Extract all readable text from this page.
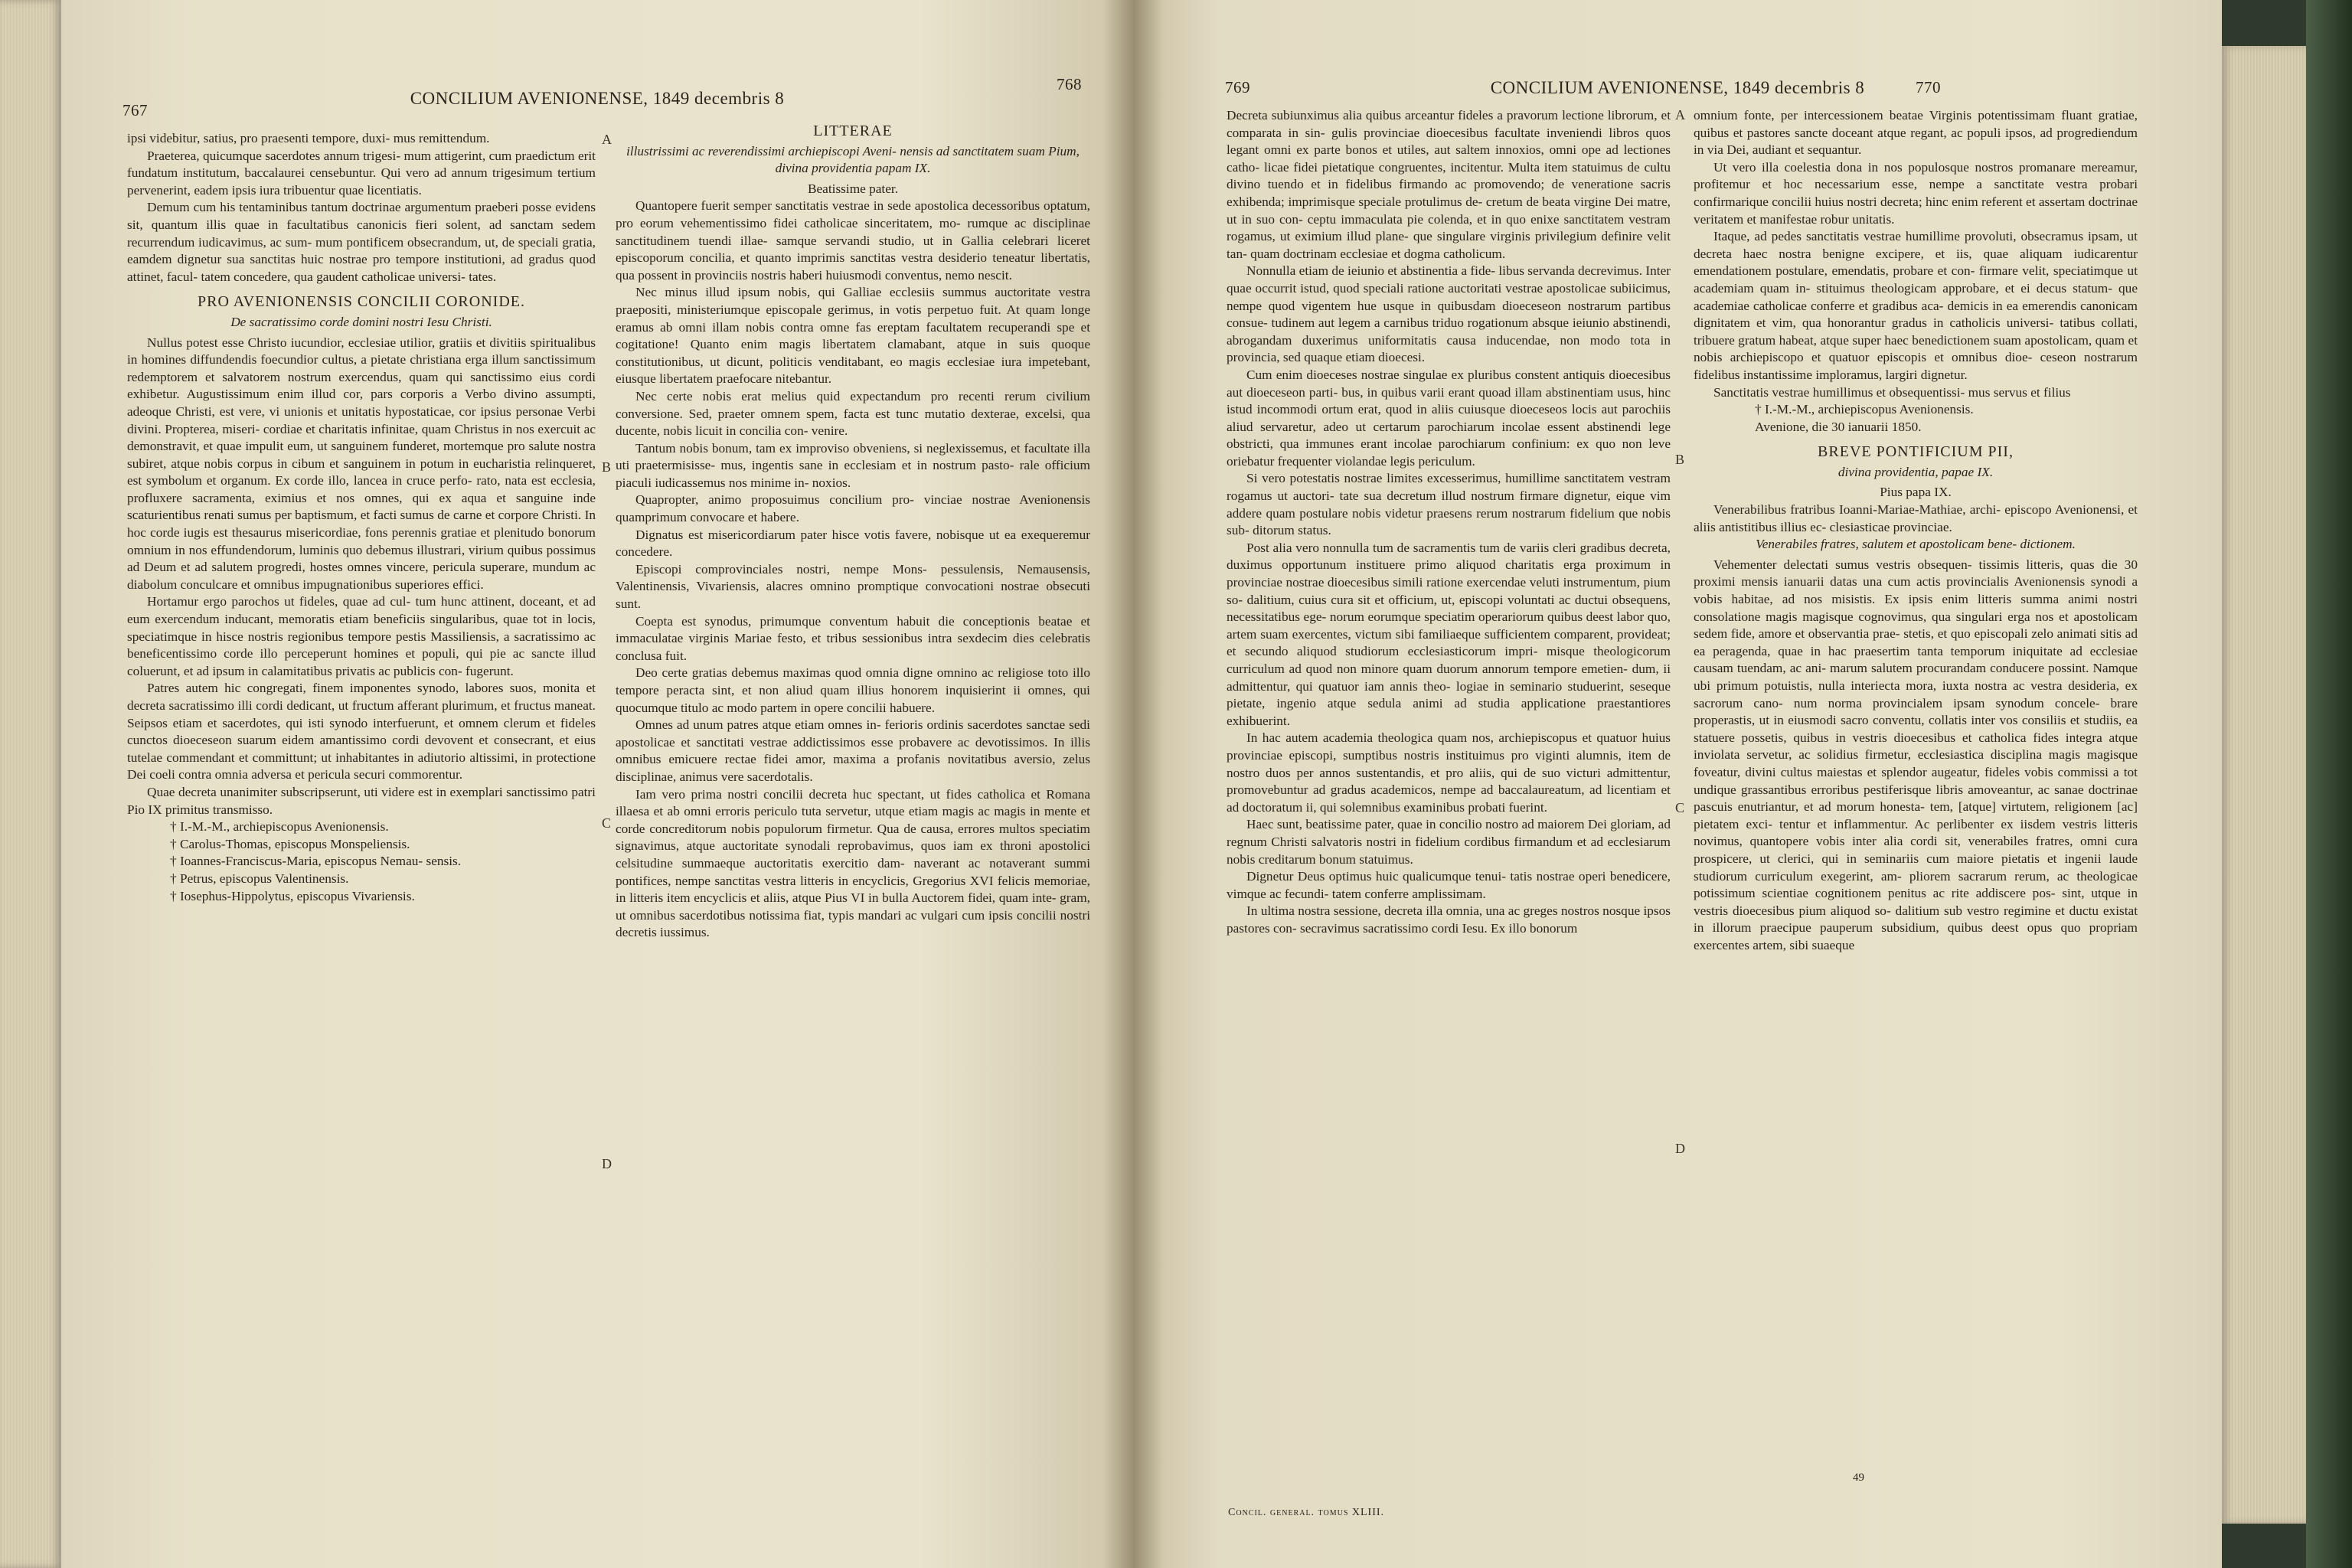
767
CONCILIUM AVENIONENSE, 1849 decembris 8
768

ipsi videbitur, satius, pro praesenti tempore, duxi- mus remittendum.

Praeterea, quicumque sacerdotes annum trigesi- mum attigerint, cum praedictum erit fundatum institutum, baccalaurei censebuntur. Qui vero ad annum trigesimum tertium pervenerint, eadem ipsis iura tribuentur quae licentiatis.

Demum cum his tentaminibus tantum doctrinae argumentum praeberi posse evidens sit, quantum illis quae in facultatibus canonicis fieri solent, ad sanctam sedem recurrendum iudicavimus, ac sum- mum pontificem obsecrandum, ut, de speciali gratia, eamdem dignetur sua sanctitas huic nostrae pro tempore institutioni, ad gradus quod attinet, facul- tatem concedere, qua gaudent catholicae universi- tates.

PRO AVENIONENSIS CONCILII CORONIDE.

De sacratissimo corde domini nostri Iesu Christi.

Nullus potest esse Christo iucundior, ecclesiae utilior, gratiis et divitiis spiritualibus in homines diffundendis foecundior cultus, a pietate christiana erga illum sanctissimum redemptorem et salvatorem nostrum exercendus, quam qui sanctissimo eius cordi exhibetur. Augustissimum enim illud cor, pars corporis a Verbo divino assumpti, adeoque Christi, est vere, vi unionis et unitatis hypostaticae, cor ipsius personae Verbi divini. Propterea, miseri- cordiae et charitatis infinitae, quam Christus in nos exercuit ac demonstravit, et quae impulit eum, ut sanguinem funderet, mortemque pro salute nostra subiret, atque nobis corpus in cibum et sanguinem in potum in eucharistia relinqueret, est symbolum et organum. Ex corde illo, lancea in cruce perfo- rato, nata est ecclesia, profluxere sacramenta, eximius et nos omnes, qui ex aqua et sanguine inde scaturientibus renati sumus per baptismum, et facti sumus de carne et corpore Christi. In hoc corde iugis est thesaurus misericordiae, fons perennis gratiae et plenitudo bonorum omnium in nos effundendorum, luminis quo debemus illustrari, virium quibus possimus ad Deum et ad salutem progredi, hostes omnes vincere, pericula superare, mundum ac diabolum conculcare et omnibus impugnationibus superiores effici.

Hortamur ergo parochos ut fideles, quae ad cul- tum hunc attinent, doceant, et ad eum exercendum inducant, memoratis etiam beneficiis singularibus, quae tot in locis, speciatimque in hisce nostris regionibus tempore pestis Massiliensis, a sacratissimo ac beneficentissimo corde illo perceperunt homines et populi, qui pie ac sancte illud coluerunt, et ad ipsum in calamitatibus privatis ac publicis con- fugerunt.

Patres autem hic congregati, finem imponentes synodo, labores suos, monita et decreta sacratissimo illi cordi dedicant, ut fructum afferant plurimum, et fructus maneat. Seipsos etiam et sacerdotes, qui isti synodo interfuerunt, et omnem clerum et fideles cunctos dioeceseon suarum eidem amantissimo cordi devovent et consecrant, et eius tutelae commendant et committunt; ut inhabitantes in adiutorio altissimi, in protectione Dei coeli contra omnia adversa et pericula securi commorentur.

Quae decreta unanimiter subscripserunt, uti videre est in exemplari sanctissimo patri Pio IX primitus transmisso.

† I.-M.-M., archiepiscopus Avenionensis.

† Carolus-Thomas, episcopus Monspeliensis.

† Ioannes-Franciscus-Maria, episcopus Nemau- sensis.

† Petrus, episcopus Valentinensis.

† Iosephus-Hippolytus, episcopus Vivariensis.

LITTERAE

illustrissimi ac reverendissimi archiepiscopi Aveni- nensis ad sanctitatem suam Pium, divina providentia papam IX.

Beatissime pater.

Quantopere fuerit semper sanctitatis vestrae in sede apostolica decessoribus optatum, pro eorum vehementissimo fidei catholicae sinceritatem, mo- rumque ac disciplinae sanctitudinem tuendi illae- samque servandi studio, ut in Gallia celebrari liceret episcoporum concilia, et quanto imprimis sanctitas vestra desiderio teneatur libertatis, qua possent in provinciis nostris haberi huiusmodi conventus, nemo nescit.

Nec minus illud ipsum nobis, qui Galliae ecclesiis summus auctoritate vestra praepositi, ministeriumque episcopale gerimus, in votis perpetuo fuit. At quam longe eramus ab omni illam nobis contra omne fas ereptam facultatem recuperandi spe et cogitatione! Quanto enim magis libertatem clamabant, atque in suis quoque constitutionibus, ut dicunt, politicis venditabant, eo magis ecclesiae iura impetebant, eiusque libertatem praefocare nitebantur.

Nec certe nobis erat melius quid expectandum pro recenti rerum civilium conversione. Sed, praeter omnem spem, facta est tunc mutatio dexterae, excelsi, qua ducente, nobis licuit in concilia con- venire.

Tantum nobis bonum, tam ex improviso obveniens, si neglexissemus, et facultate illa uti praetermisisse- mus, ingentis sane in ecclesiam et in nostrum pasto- rale officium piaculi iudicassemus nos minime in- noxios.

Quapropter, animo proposuimus concilium pro- vinciae nostrae Avenionensis quamprimum convocare et habere.

Dignatus est misericordiarum pater hisce votis favere, nobisque ut ea exequeremur concedere.

Episcopi comprovinciales nostri, nempe Mons- pessulensis, Nemausensis, Valentinensis, Vivariensis, alacres omnino promptique convocationi nostrae obsecuti sunt.

Coepta est synodus, primumque conventum habuit die conceptionis beatae et immaculatae virginis Mariae festo, et tribus sessionibus intra sexdecim dies celebratis conclusa fuit.

Deo certe gratias debemus maximas quod omnia digne omnino ac religiose toto illo tempore peracta sint, et non aliud quam illius honorem inquisierint ii omnes, qui quocumque titulo ac modo partem in opere concilii habuere.

Omnes ad unum patres atque etiam omnes in- ferioris ordinis sacerdotes sanctae sedi apostolicae et sanctitati vestrae addictissimos esse probavere ac devotissimos. In illis omnibus emicuere rectae fidei amor, maxima a profanis novitatibus aversio, zelus disciplinae, animus vere sacerdotalis.

Iam vero prima nostri concilii decreta huc spectant, ut fides catholica et Romana illaesa et ab omni erroris periculo tuta servetur, utque etiam magis ac magis in mente et corde concreditorum nobis populorum firmetur. Qua de causa, errores multos speciatim signavimus, atque auctoritate synodali reprobavimus, quos iam ex throni apostolici celsitudine summaeque auctoritatis exercitio dam- naverant ac notaverant summi pontifices, nempe sanctitas vestra litteris in encyclicis, Gregorius XVI felicis memoriae, in litteris item encyclicis et aliis, atque Pius VI in bulla Auctorem fidei, quam inte- gram, ut omnibus sacerdotibus notissima fiat, typis mandari ac vulgari cum ipsis concilii nostri decretis iussimus.

A
B
C
D
769	CONCILIUM AVENIONENSE, 1849 decembris 8	770

Decreta subiunximus alia quibus arceantur fideles a pravorum lectione librorum, et comparata in sin- gulis provinciae dioecesibus facultate inveniendi libros quos legant omni ex parte bonos et utiles, aut saltem innoxios, omni ope ad lectiones catho- licae fidei pietatique congruentes, incitentur. Multa item statuimus de cultu divino tuendo et in fidelibus firmando ac promovendo; de veneratione sacris exhibenda; imprimisque speciale protulimus de- cretum de beata virgine Dei matre, ut in suo con- ceptu immaculata pie colenda, et in quo enixe sanctitatem vestram rogamus, ut eximium illud plane- que singulare virginis privilegium definire velit tan- quam doctrinam ecclesiae et dogma catholicum.

Nonnulla etiam de ieiunio et abstinentia a fide- libus servanda decrevimus. Inter quae occurrit istud, quod speciali ratione auctoritati vestrae apostolicae subiicimus, nempe quod vigentem hue usque in quibusdam dioeceseon nostrarum partibus consue- tudinem aut legem a carnibus triduo rogationum absque ieiunio abstinendi, abrogandam duxerimus uniformitatis causa inducendae, non modo tota in provincia, sed quaque etiam dioecesi.

Cum enim dioeceses nostrae singulae ex pluribus constent antiquis dioecesibus aut dioeceseon parti- bus, in quibus varii erant quoad illam abstinentiam usus, hinc istud incommodi ortum erat, quod in aliis cuiusque dioeceseos locis aut parochiis aliud servaretur, adeo ut certarum parochiarum incolae essent abstinendi lege obstricti, qua immunes erant incolae parochiarum confinium: ex quo non leve oriebatur frequenter violandae legis periculum.

Si vero potestatis nostrae limites excesserimus, humillime sanctitatem vestram rogamus ut auctori- tate sua decretum illud nostrum firmare dignetur, eique vim addere quam postulare nobis videtur praesens rerum nostrarum fidelium que nobis sub- ditorum status.

Post alia vero nonnulla tum de sacramentis tum de variis cleri gradibus decreta, duximus opportunum instituere primo aliquod charitatis erga proximum in provinciae nostrae dioecesibus simili ratione exercendae veluti instrumentum, pium so- dalitium, cuius cura sit et officium, ut, episcopi voluntati ac ductui obsequens, necessitatibus ege- norum eorumque speciatim operariorum quibus deest labor quo, artem suam exercentes, victum sibi familiaeque sufficientem comparent, provideat; et secundo aliquod studiorum ecclesiasticorum impri- misque theologicorum curriculum ad quod non minore quam duorum annorum tempore emetien- dum, ii admittentur, qui quatuor iam annis theo- logiae in seminario studuerint, seseque pietate, ingenio atque sedula animi ad studia applicatione praestantiores exhibuerint.

In hac autem academia theologica quam nos, archiepiscopus et quatuor huius provinciae episcopi, sumptibus nostris instituimus pro viginti alumnis, item de nostro duos per annos sustentandis, et pro aliis, qui de suo victuri admittentur, promovebuntur ad gradus academicos, nempe ad baccalaureatum, ad licentiam et ad doctoratum ii, qui solemnibus examinibus probati fuerint.

Haec sunt, beatissime pater, quae in concilio nostro ad maiorem Dei gloriam, ad regnum Christi salvatoris nostri in fidelium cordibus firmandum et ad ecclesiarum nobis creditarum bonum statuimus.

Dignetur Deus optimus huic qualicumque tenui- tatis nostrae operi benedicere, vimque ac fecundi- tatem conferre amplissimam.

In ultima nostra sessione, decreta illa omnia, una ac greges nostros nosque ipsos pastores con- secravimus sacratissimo cordi Iesu. Ex illo bonorum

omnium fonte, per intercessionem beatae Virginis potentissimam fluant gratiae, quibus et pastores sancte doceant atque regant, ac populi ipsos, ad progrediendum in via Dei, audiant et sequantur.

Ut vero illa coelestia dona in nos populosque nostros promanare mereamur, profitemur et hoc necessarium esse, nempe a sanctitate vestra probari confirmarique concilii huius nostri decreta; hinc enim referent et assertam doctrinae veritatem et manifestae robur unitatis.

Itaque, ad pedes sanctitatis vestrae humillime provoluti, obsecramus ipsam, ut decreta haec nostra benigne excipere, et iis, quae aliquam iudicarentur emendationem postulare, emendatis, probare et con- firmare velit, speciatimque ut academiam quam in- stituimus theologicam approbare, et ei decus statum- que academiae catholicae conferre et gradibus aca- demicis in ea emerendis canonicam dignitatem et vim, qua honorantur gradus in catholicis universi- tatibus collati, tribuere gratum habeat, atque super haec benedictionem suam apostolicam, quam et nobis archiepiscopo et quatuor episcopis et omnibus dioe- ceseon nostrarum fidelibus instantissime imploramus, largiri dignetur.

Sanctitatis vestrae humillimus et obsequentissi- mus servus et filius

† I.-M.-M., archiepiscopus Avenionensis.

Avenione, die 30 ianuarii 1850.

BREVE PONTIFICIUM PII,

divina providentia, papae IX.

Pius papa IX.

Venerabilibus fratribus Ioanni-Mariae-Mathiae, archi- episcopo Avenionensi, et aliis antistitibus illius ec- clesiasticae provinciae.

Venerabiles fratres, salutem et apostolicam bene- dictionem.

Vehementer delectati sumus vestris obsequen- tissimis litteris, quas die 30 proximi mensis ianuarii datas una cum actis provincialis Avenionensis synodi a vobis habitae, ad nos misistis. Ex ipsis enim litteris summa animi nostri consolatione magis magisque cognovimus, qua singulari erga nos et apostolicam sedem fide, amore et observantia prae- stetis, et quo episcopali zelo animati sitis ad ea peragenda, quae in hac praesertim tanta temporum iniquitate ad ecclesiae causam tuendam, ac ani- marum salutem procurandam conducere possint. Namque ubi primum potuistis, nulla interiecta mora, iuxta nostra ac vestra desideria, ex sacrorum cano- num norma provincialem ipsam synodum concele- brare properastis, ut in eiusmodi sacro conventu, collatis inter vos consiliis et studiis, ea statuere possetis, quibus in vestris dioecesibus et catholica fides integra atque inviolata servetur, ac solidius firmetur, ecclesiastica disciplina magis magisque foveatur, divini cultus maiestas et splendor augeatur, fideles vobis commissi a tot undique grassantibus erroribus pestiferisque libris amoveantur, ac sanae doctrinae pascuis enutriantur, et ad morum honesta- tem, [atque] virtutem, religionem [ac] pietatem exci- tentur et inflammentur. Ac perlibenter ex iisdem vestris litteris novimus, quantopere vobis inter alia cordi sit, venerabiles fratres, omni cura prospicere, ut clerici, qui in seminariis cum maiore pietatis et ingenii laude studiorum curriculum exegerint, am- pliorem sacrarum rerum, ac theologicae potissimum scientiae cognitionem penitus ac rite addiscere pos- sint, utque in vestris dioecesibus pium aliquod so- dalitium sub vestro regimine et ductu existat in illorum praecipue pauperum subsidium, quibus deest opus quo propriam exercentes artem, sibi suaeque

A
B
C
D
Concil. general. tomus XLIII.
49
